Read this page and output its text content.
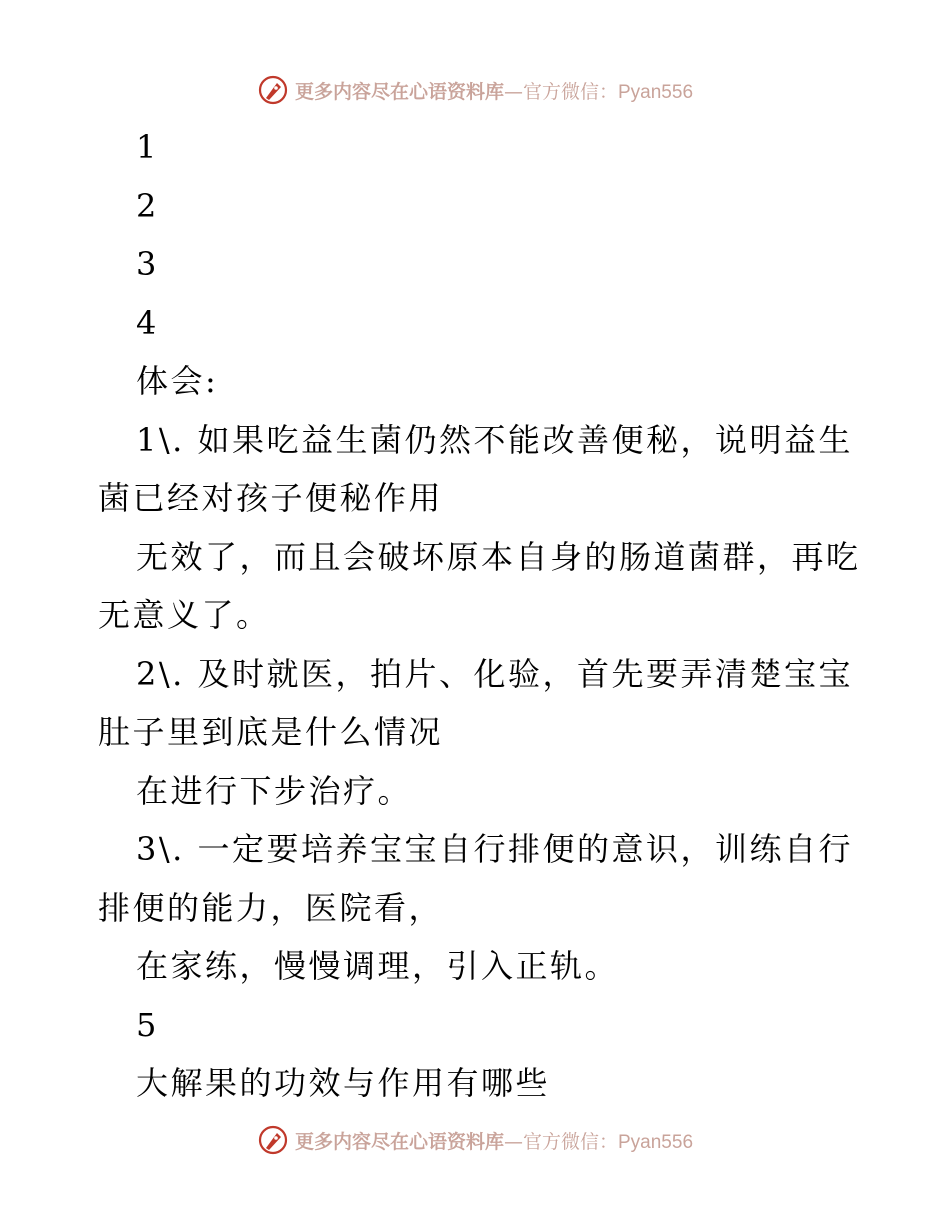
更多内容尽在心语资料库—官方微信：Pyan556
1
2
3
4
体会:
1\. 如果吃益生菌仍然不能改善便秘，说明益生
菌已经对孩子便秘作用
无效了，而且会破坏原本自身的肠道菌群，再吃
无意义了。
2\. 及时就医，拍片、化验，首先要弄清楚宝宝
肚子里到底是什么情况
在进行下步治疗。
3\. 一定要培养宝宝自行排便的意识，训练自行
排便的能力，医院看，
在家练，慢慢调理，引入正轨。
5
大解果的功效与作用有哪些
更多内容尽在心语资料库—官方微信：Pyan556
